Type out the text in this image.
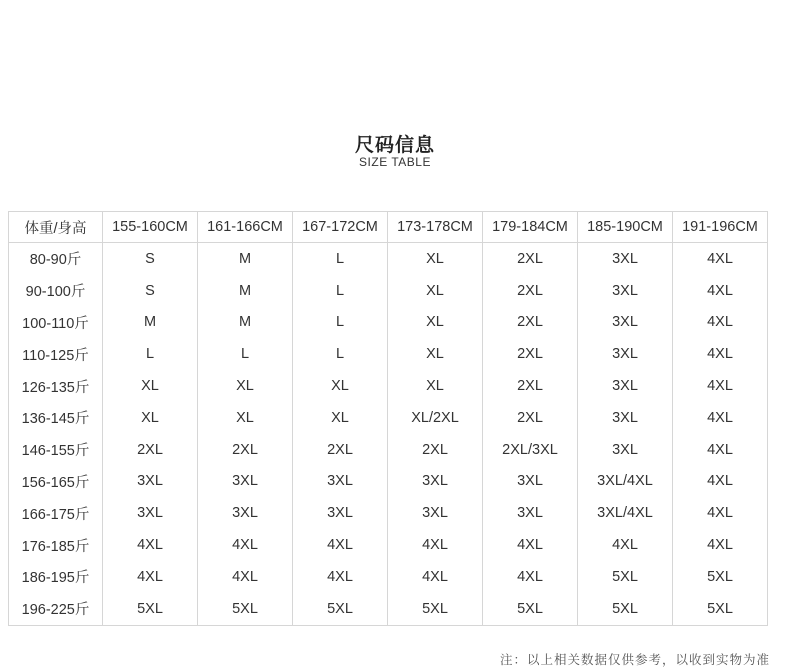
尺码信息
SIZE TABLE
体重/身高	155-160CM	161-166CM	167-172CM	173-178CM	179-184CM	185-190CM	191-196CM
80-90斤	S	M	L	XL	2XL	3XL	4XL
90-100斤	S	M	L	XL	2XL	3XL	4XL
100-110斤	M	M	L	XL	2XL	3XL	4XL
110-125斤	L	L	L	XL	2XL	3XL	4XL
126-135斤	XL	XL	XL	XL	2XL	3XL	4XL
136-145斤	XL	XL	XL	XL/2XL	2XL	3XL	4XL
146-155斤	2XL	2XL	2XL	2XL	2XL/3XL	3XL	4XL
156-165斤	3XL	3XL	3XL	3XL	3XL	3XL/4XL	4XL
166-175斤	3XL	3XL	3XL	3XL	3XL	3XL/4XL	4XL
176-185斤	4XL	4XL	4XL	4XL	4XL	4XL	4XL
186-195斤	4XL	4XL	4XL	4XL	4XL	5XL	5XL
196-225斤	5XL	5XL	5XL	5XL	5XL	5XL	5XL
注：以上相关数据仅供参考，以收到实物为准
